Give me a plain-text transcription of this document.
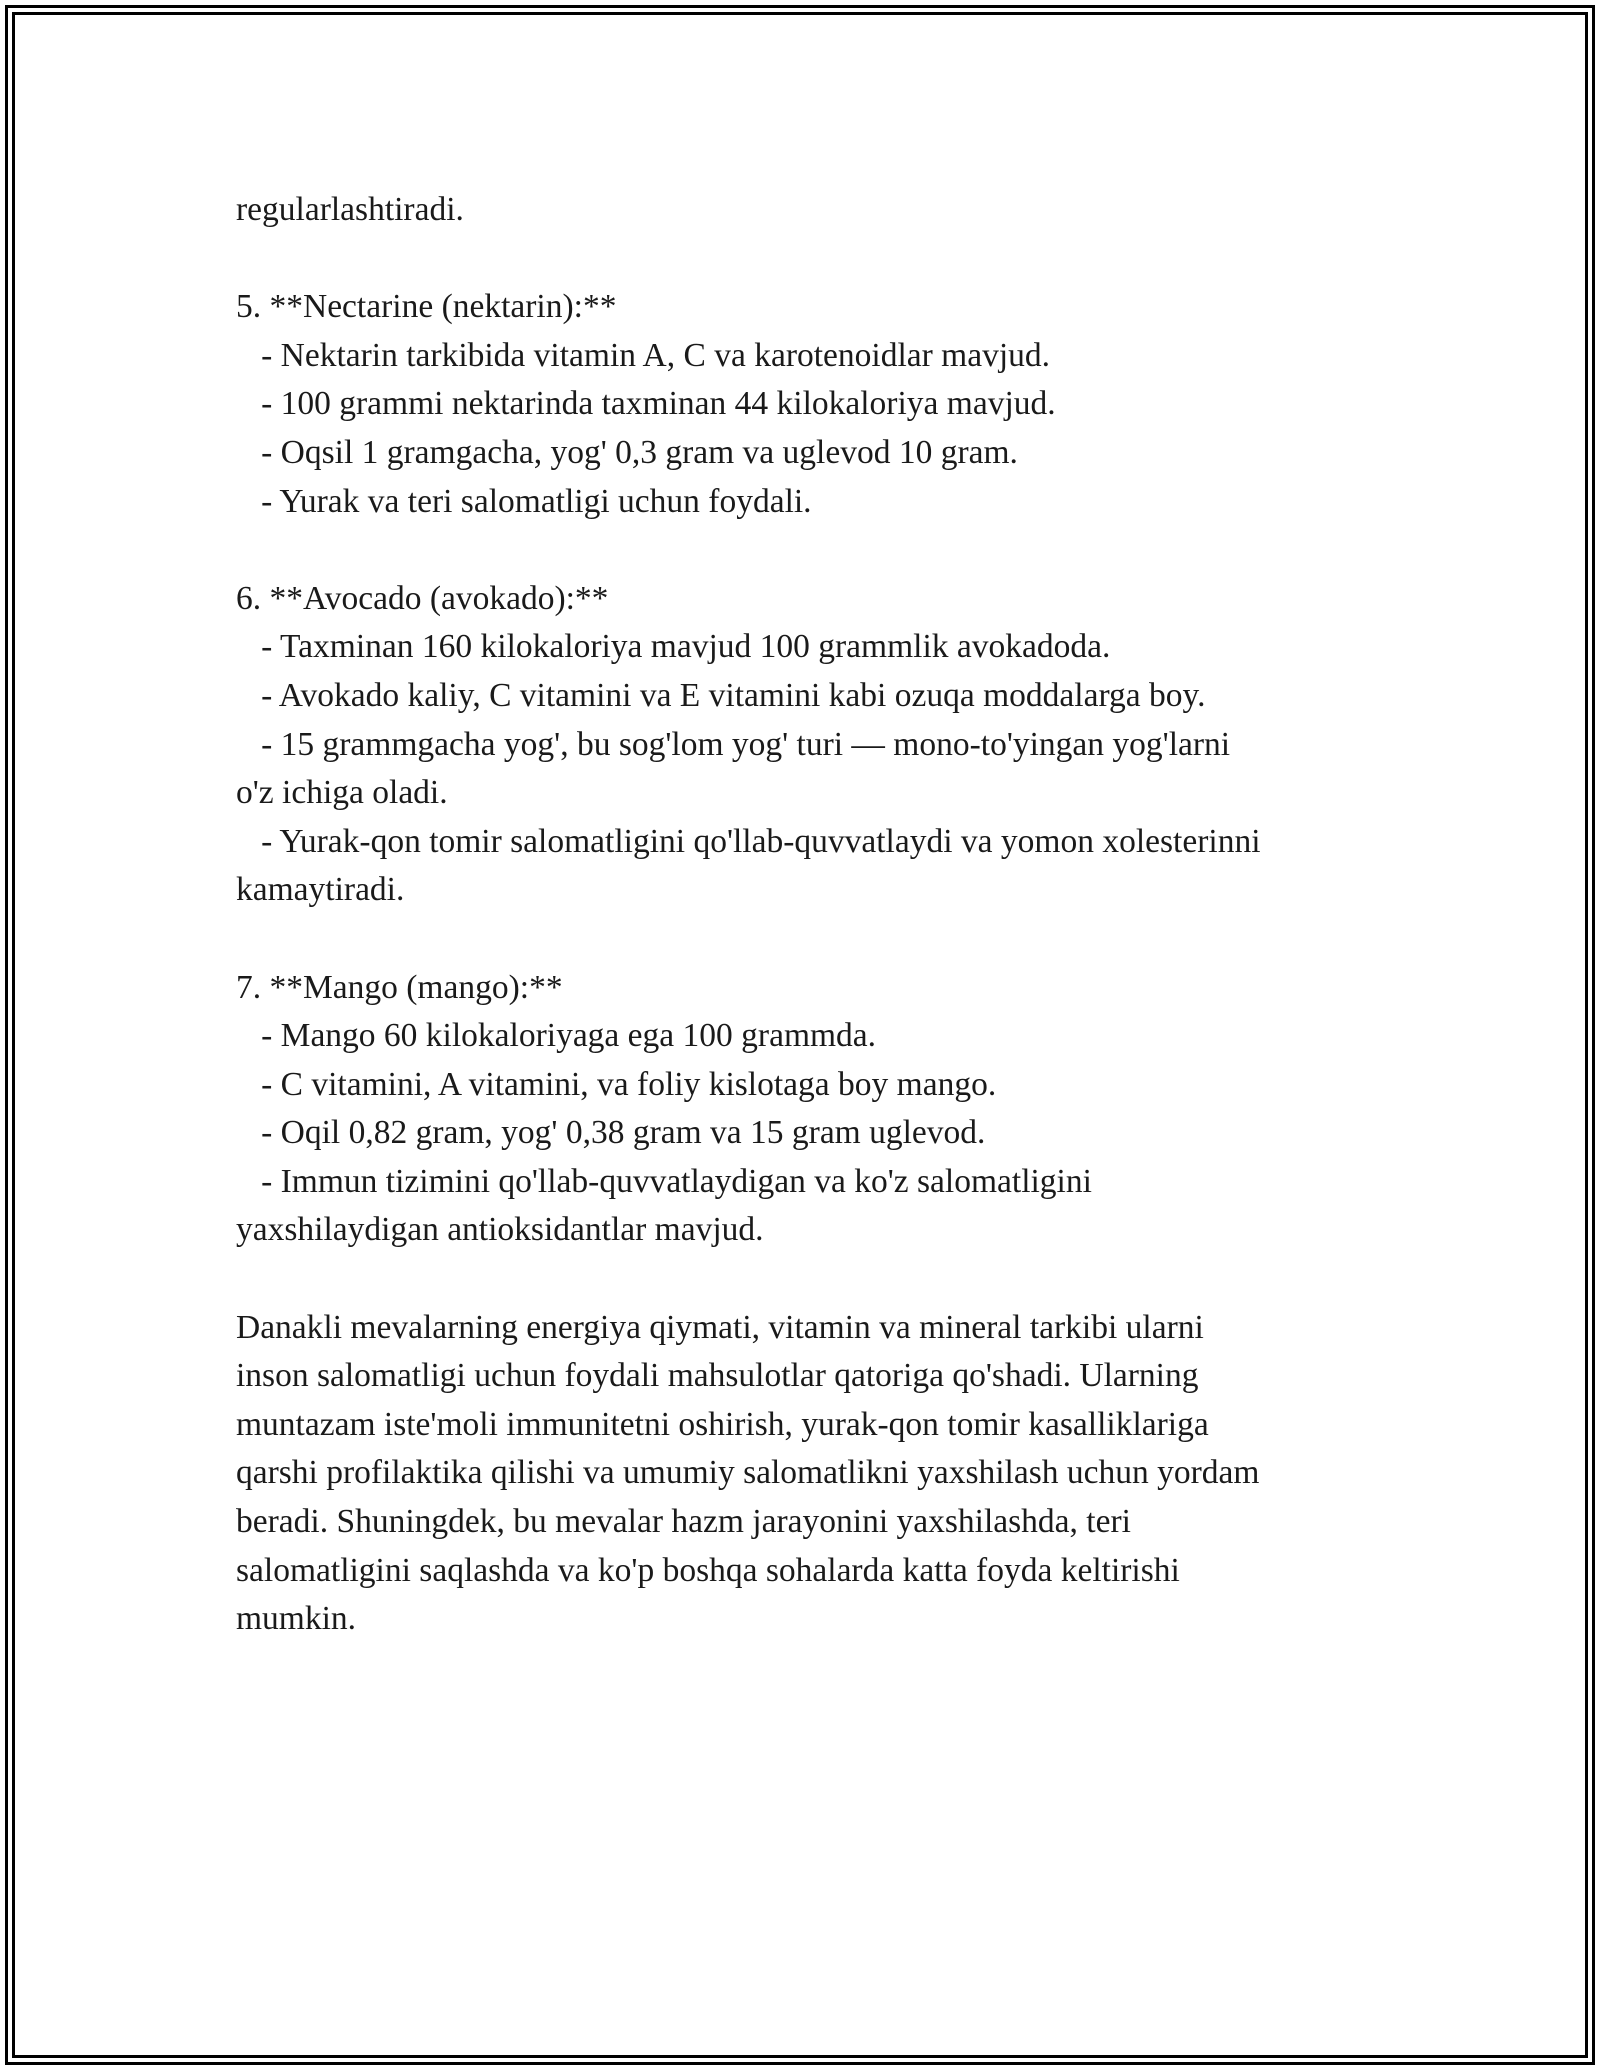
regularlashtiradi.
5. **Nectarine (nektarin):**
- Nektarin tarkibida vitamin A, C va karotenoidlar mavjud.
- 100 grammi nektarinda taxminan 44 kilokaloriya mavjud.
- Oqsil 1 gramgacha, yog' 0,3 gram va uglevod 10 gram.
- Yurak va teri salomatligi uchun foydali.
6. **Avocado (avokado):**
- Taxminan 160 kilokaloriya mavjud 100 grammlik avokadoda.
- Avokado kaliy, C vitamini va E vitamini kabi ozuqa moddalarga boy.
- 15 grammgacha yog', bu sog'lom yog' turi — mono-to'yingan yog'larni
o'z ichiga oladi.
- Yurak-qon tomir salomatligini qo'llab-quvvatlaydi va yomon xolesterinni
kamaytiradi.
7. **Mango (mango):**
- Mango 60 kilokaloriyaga ega 100 grammda.
- C vitamini, A vitamini, va foliy kislotaga boy mango.
- Oqil 0,82 gram, yog' 0,38 gram va 15 gram uglevod.
- Immun tizimini qo'llab-quvvatlaydigan va ko'z salomatligini
yaxshilaydigan antioksidantlar mavjud.
Danakli mevalarning energiya qiymati, vitamin va mineral tarkibi ularni
inson salomatligi uchun foydali mahsulotlar qatoriga qo'shadi. Ularning
muntazam iste'moli immunitetni oshirish, yurak-qon tomir kasalliklariga
qarshi profilaktika qilishi va umumiy salomatlikni yaxshilash uchun yordam
beradi. Shuningdek, bu mevalar hazm jarayonini yaxshilashda, teri
salomatligini saqlashda va ko'p boshqa sohalarda katta foyda keltirishi
mumkin.
